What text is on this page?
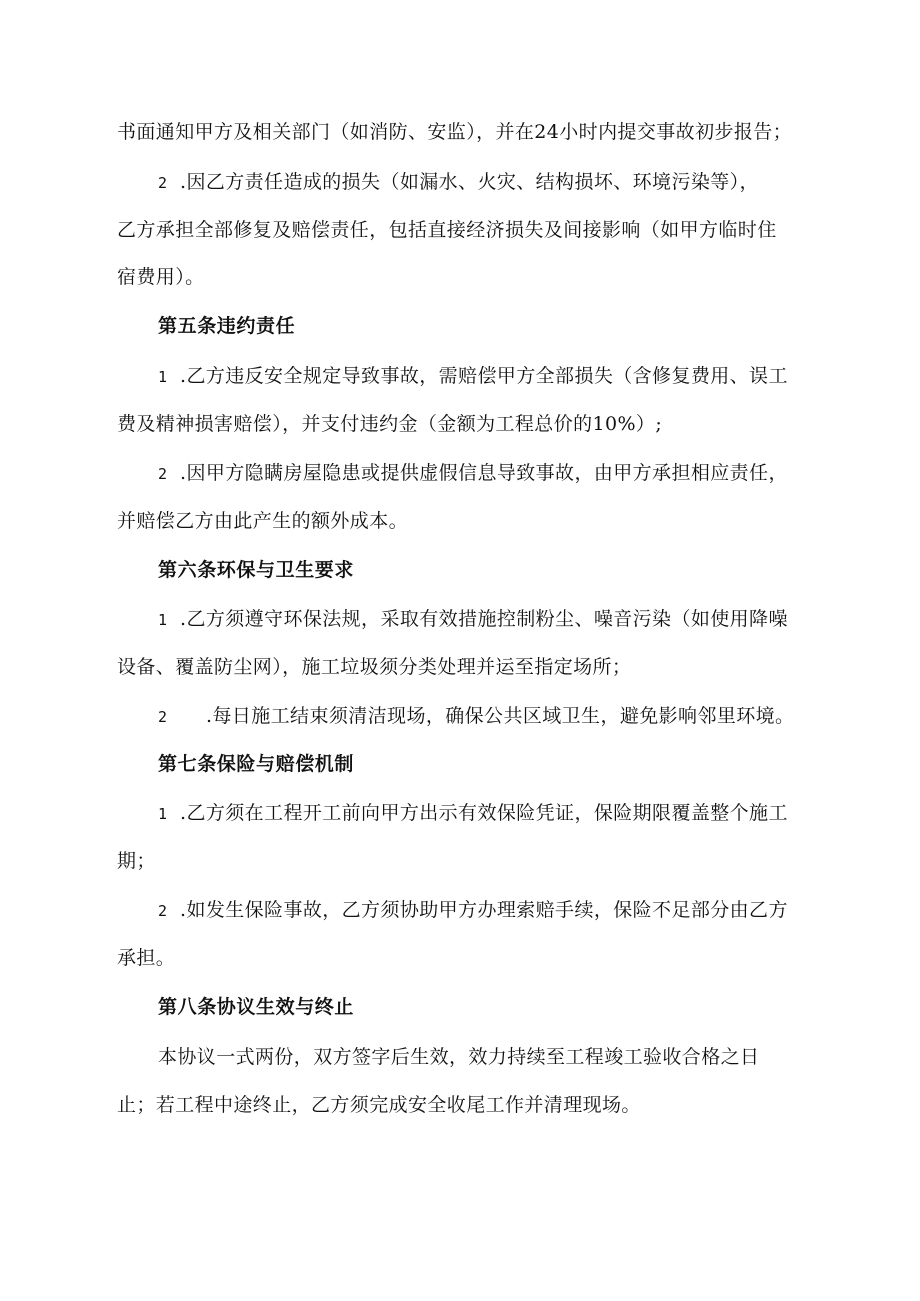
书面通知甲方及相关部门（如消防、安监），并在24小时内提交事故初步报告；
2 .因乙方责任造成的损失（如漏水、火灾、结构损坏、环境污染等），
乙方承担全部修复及赔偿责任，包括直接经济损失及间接影响（如甲方临时住
宿费用）。
第五条违约责任
1 .乙方违反安全规定导致事故，需赔偿甲方全部损失（含修复费用、误工
费及精神损害赔偿），并支付违约金（金额为工程总价的10%）;
2 .因甲方隐瞒房屋隐患或提供虚假信息导致事故，由甲方承担相应责任，
并赔偿乙方由此产生的额外成本。
第六条环保与卫生要求
1 .乙方须遵守环保法规，采取有效措施控制粉尘、噪音污染（如使用降噪
设备、覆盖防尘网），施工垃圾须分类处理并运至指定场所；
2 .每日施工结束须清洁现场，确保公共区域卫生，避免影响邻里环境。
第七条保险与赔偿机制
1 .乙方须在工程开工前向甲方出示有效保险凭证，保险期限覆盖整个施工
期；
2 .如发生保险事故，乙方须协助甲方办理索赔手续，保险不足部分由乙方
承担。
第八条协议生效与终止
本协议一式两份，双方签字后生效，效力持续至工程竣工验收合格之日
止；若工程中途终止，乙方须完成安全收尾工作并清理现场。
